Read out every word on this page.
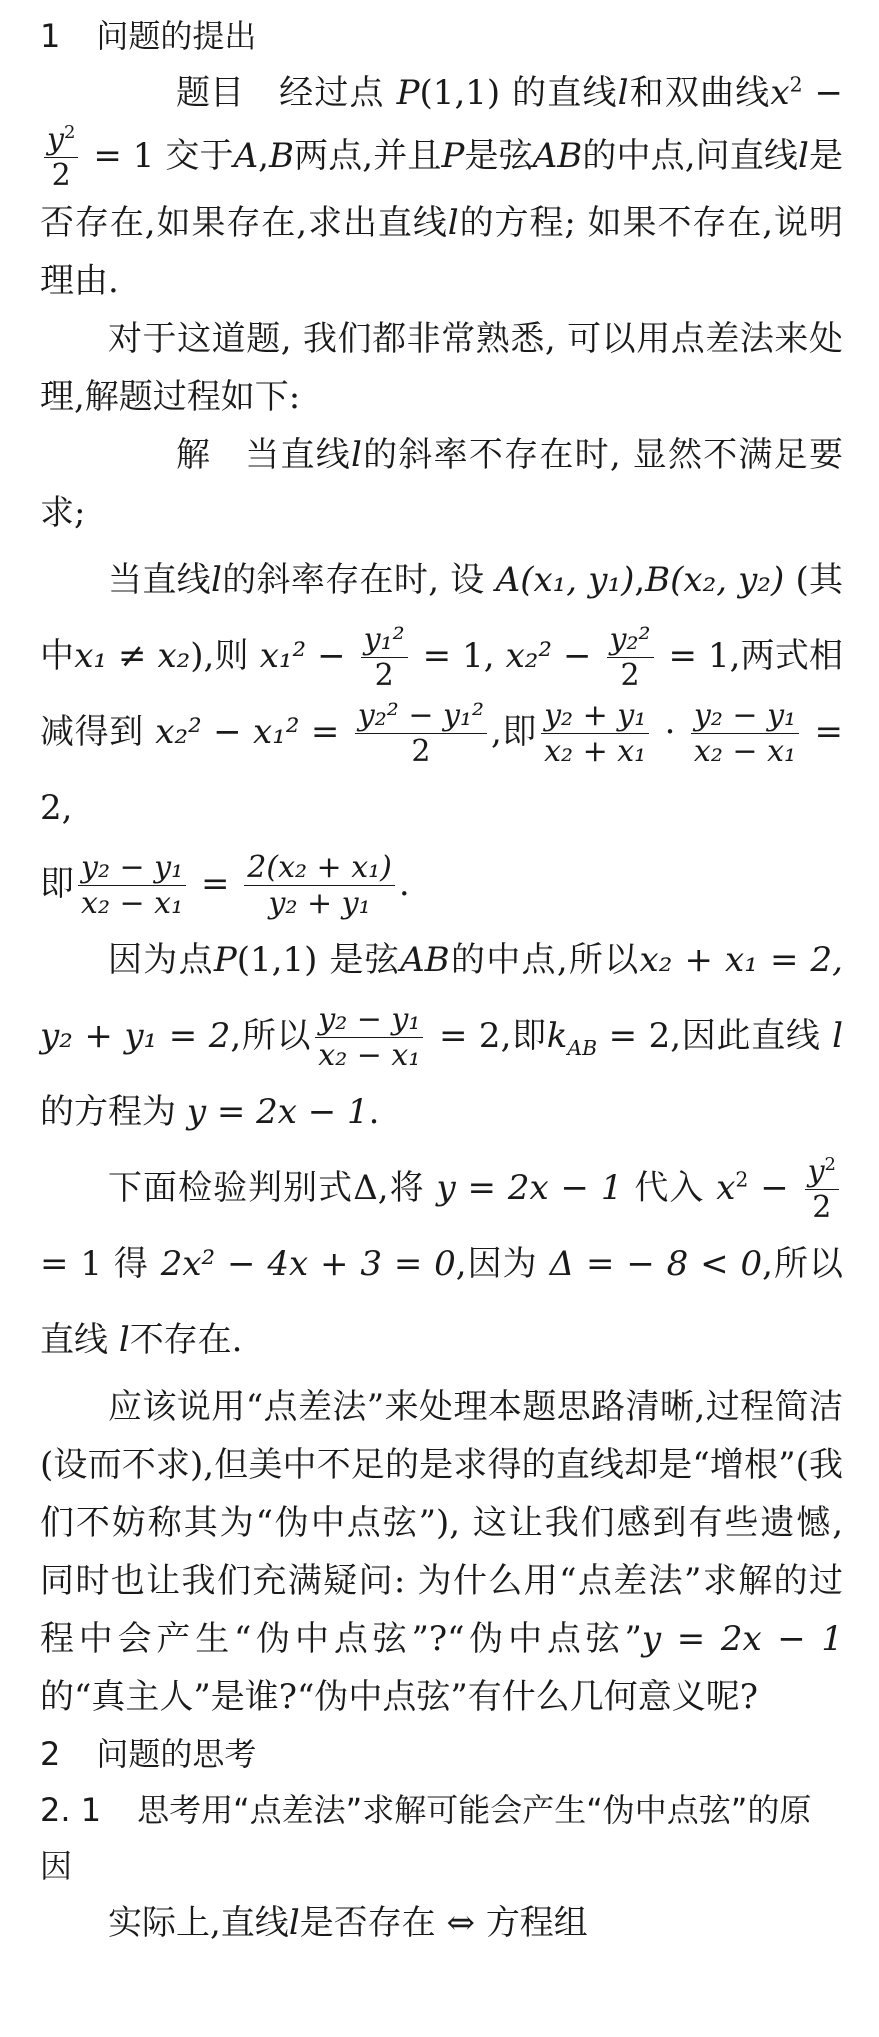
1 问题的提出

题目 经过点 P(1,1) 的直线l和双曲线$x^2$ −
$\frac{y^2}{2} = 1$ 交于A,B两点,并且P是弦AB的中点,问直线l是否存在,如果存在,求出直线l的方程; 如果不存在,说明理由.

对于这道题, 我们都非常熟悉, 可以用点差法来处理,解题过程如下:

解 当直线l的斜率不存在时, 显然不满足要求;

当直线l的斜率存在时, 设 A(x₁, y₁),B(x₂, y₂) (其中x₁ ≠ x₂),则 $x_1^2 - \frac{\text{y₁²}}{2} = 1$, $x_2^2 - \frac{\text{y₂²}}{2} = 1$,两式相减得到 $x_2^2 - x_1^2 = \frac{\text{y₂² − y₁²}}{2}$ ,即 $\frac{\text{y₂ + y₁}}{\text{x₂ + x₁}} \cdot \frac{\text{y₂ − y₁}}{\text{x₂ − x₁}} = 2$,
即 $\frac{\text{y₂ − y₁}}{\text{x₂ − x₁}} = \frac{\text{2(x₂ + x₁)}}{\text{y₂ + y₁}}$ .

因为点P(1,1) 是弦AB的中点,所以x₂ + x₁ = 2, y₂ + y₁ = 2,所以 $\frac{\text{y₂ − y₁}}{\text{x₂ − x₁}} = 2$,即$k_{AB} = 2$,因此直线 l的方程为 y = 2x − 1.

下面检验判别式Δ,将 y = 2x − 1 代入 $x^2 - \frac{y^2}{2}$
= 1 得 2x² − 4x + 3 = 0,因为 Δ = − 8 < 0,所以直线 l不存在.

应该说用“点差法”来处理本题思路清晰,过程简洁(设而不求),但美中不足的是求得的直线却是“增根”(我们不妨称其为“伪中点弦”), 这让我们感到有些遗憾, 同时也让我们充满疑问: 为什么用“点差法”求解的过程中会产生“伪中点弦”?“伪中点弦”y = 2x − 1 的“真主人”是谁?“伪中点弦”有什么几何意义呢?

2 问题的思考
2. 1 思考用“点差法”求解可能会产生“伪中点弦”的原因

实际上,直线l是否存在 ⇔ 方程组
